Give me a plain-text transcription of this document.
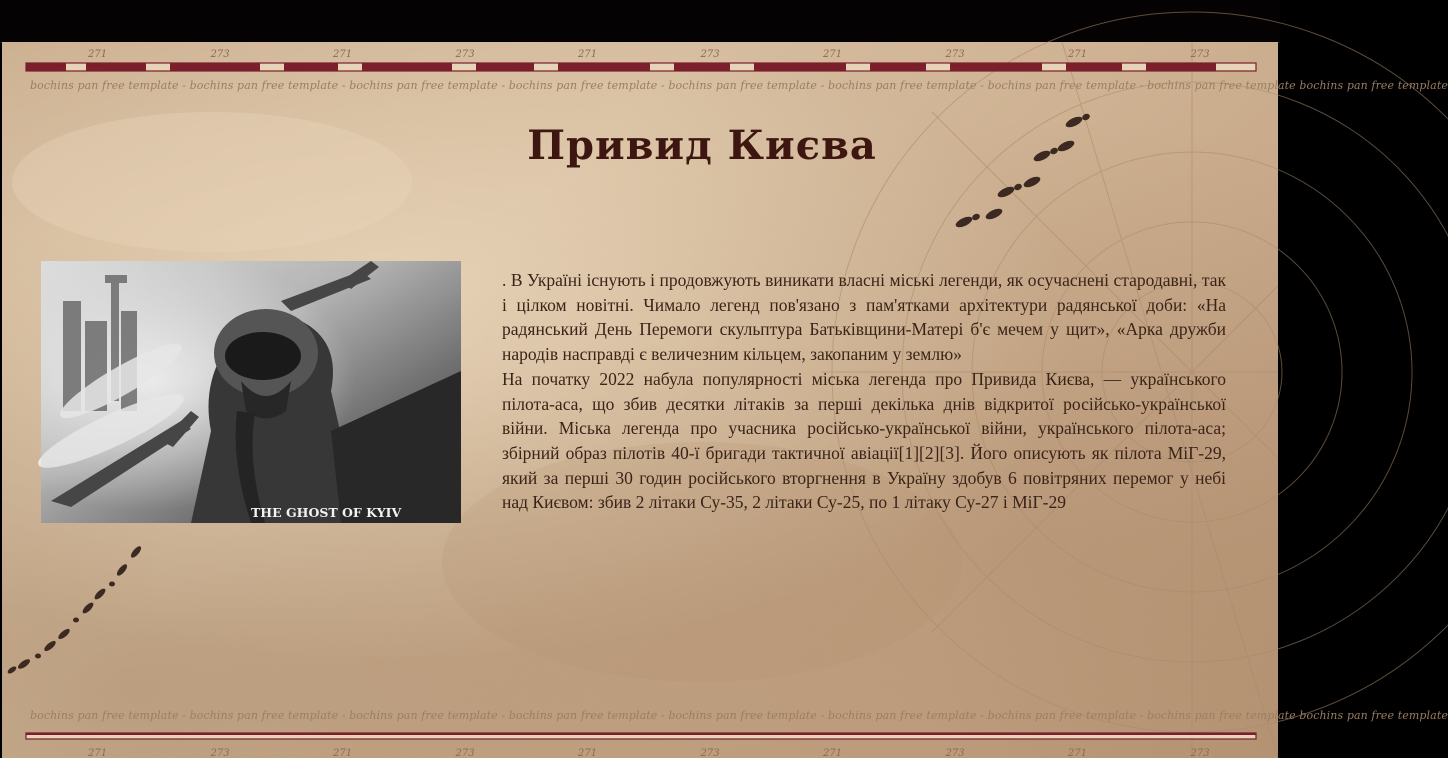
271	273	271	273	271	273	271	273	271	273
271	273	271	273	271	273	271	273	271	273
bochins pan free template - bochins pan free template - bochins pan free template - bochins pan free template - bochins pan free template - bochins pan free template - bochins pan free template - bochins pan free template bochins pan free template
bochins pan free template - bochins pan free template - bochins pan free template - bochins pan free template - bochins pan free template - bochins pan free template - bochins pan free template - bochins pan free template bochins pan free template
Привид Києва
THE GHOST OF KYIV

. В Україні існують і продовжують виникати власні міські легенди, як осучаснені стародавні, так і цілком новітні. Чимало легенд пов'язано з пам'ятками архітектури радянської доби: «На радянський День Перемоги скульптура Батьківщини-Матері б'є мечем у щит», «Арка дружби народів насправді є величезним кільцем, закопаним у землю»

На початку 2022 набула популярності міська легенда про Привида Києва, — українського пілота-аса, що збив десятки літаків за перші декілька днів відкритої російсько-української війни. Міська легенда про учасника російсько-української війни, українського пілота-аса; збірний образ пілотів 40-ї бригади тактичної авіації[1][2][3]. Його описують як пілота МіГ-29, який за перші 30 годин російського вторгнення в Україну здобув 6 повітряних перемог у небі над Києвом: збив 2 літаки Су-35, 2 літаки Су-25, по 1 літаку Су-27 і МіГ-29
